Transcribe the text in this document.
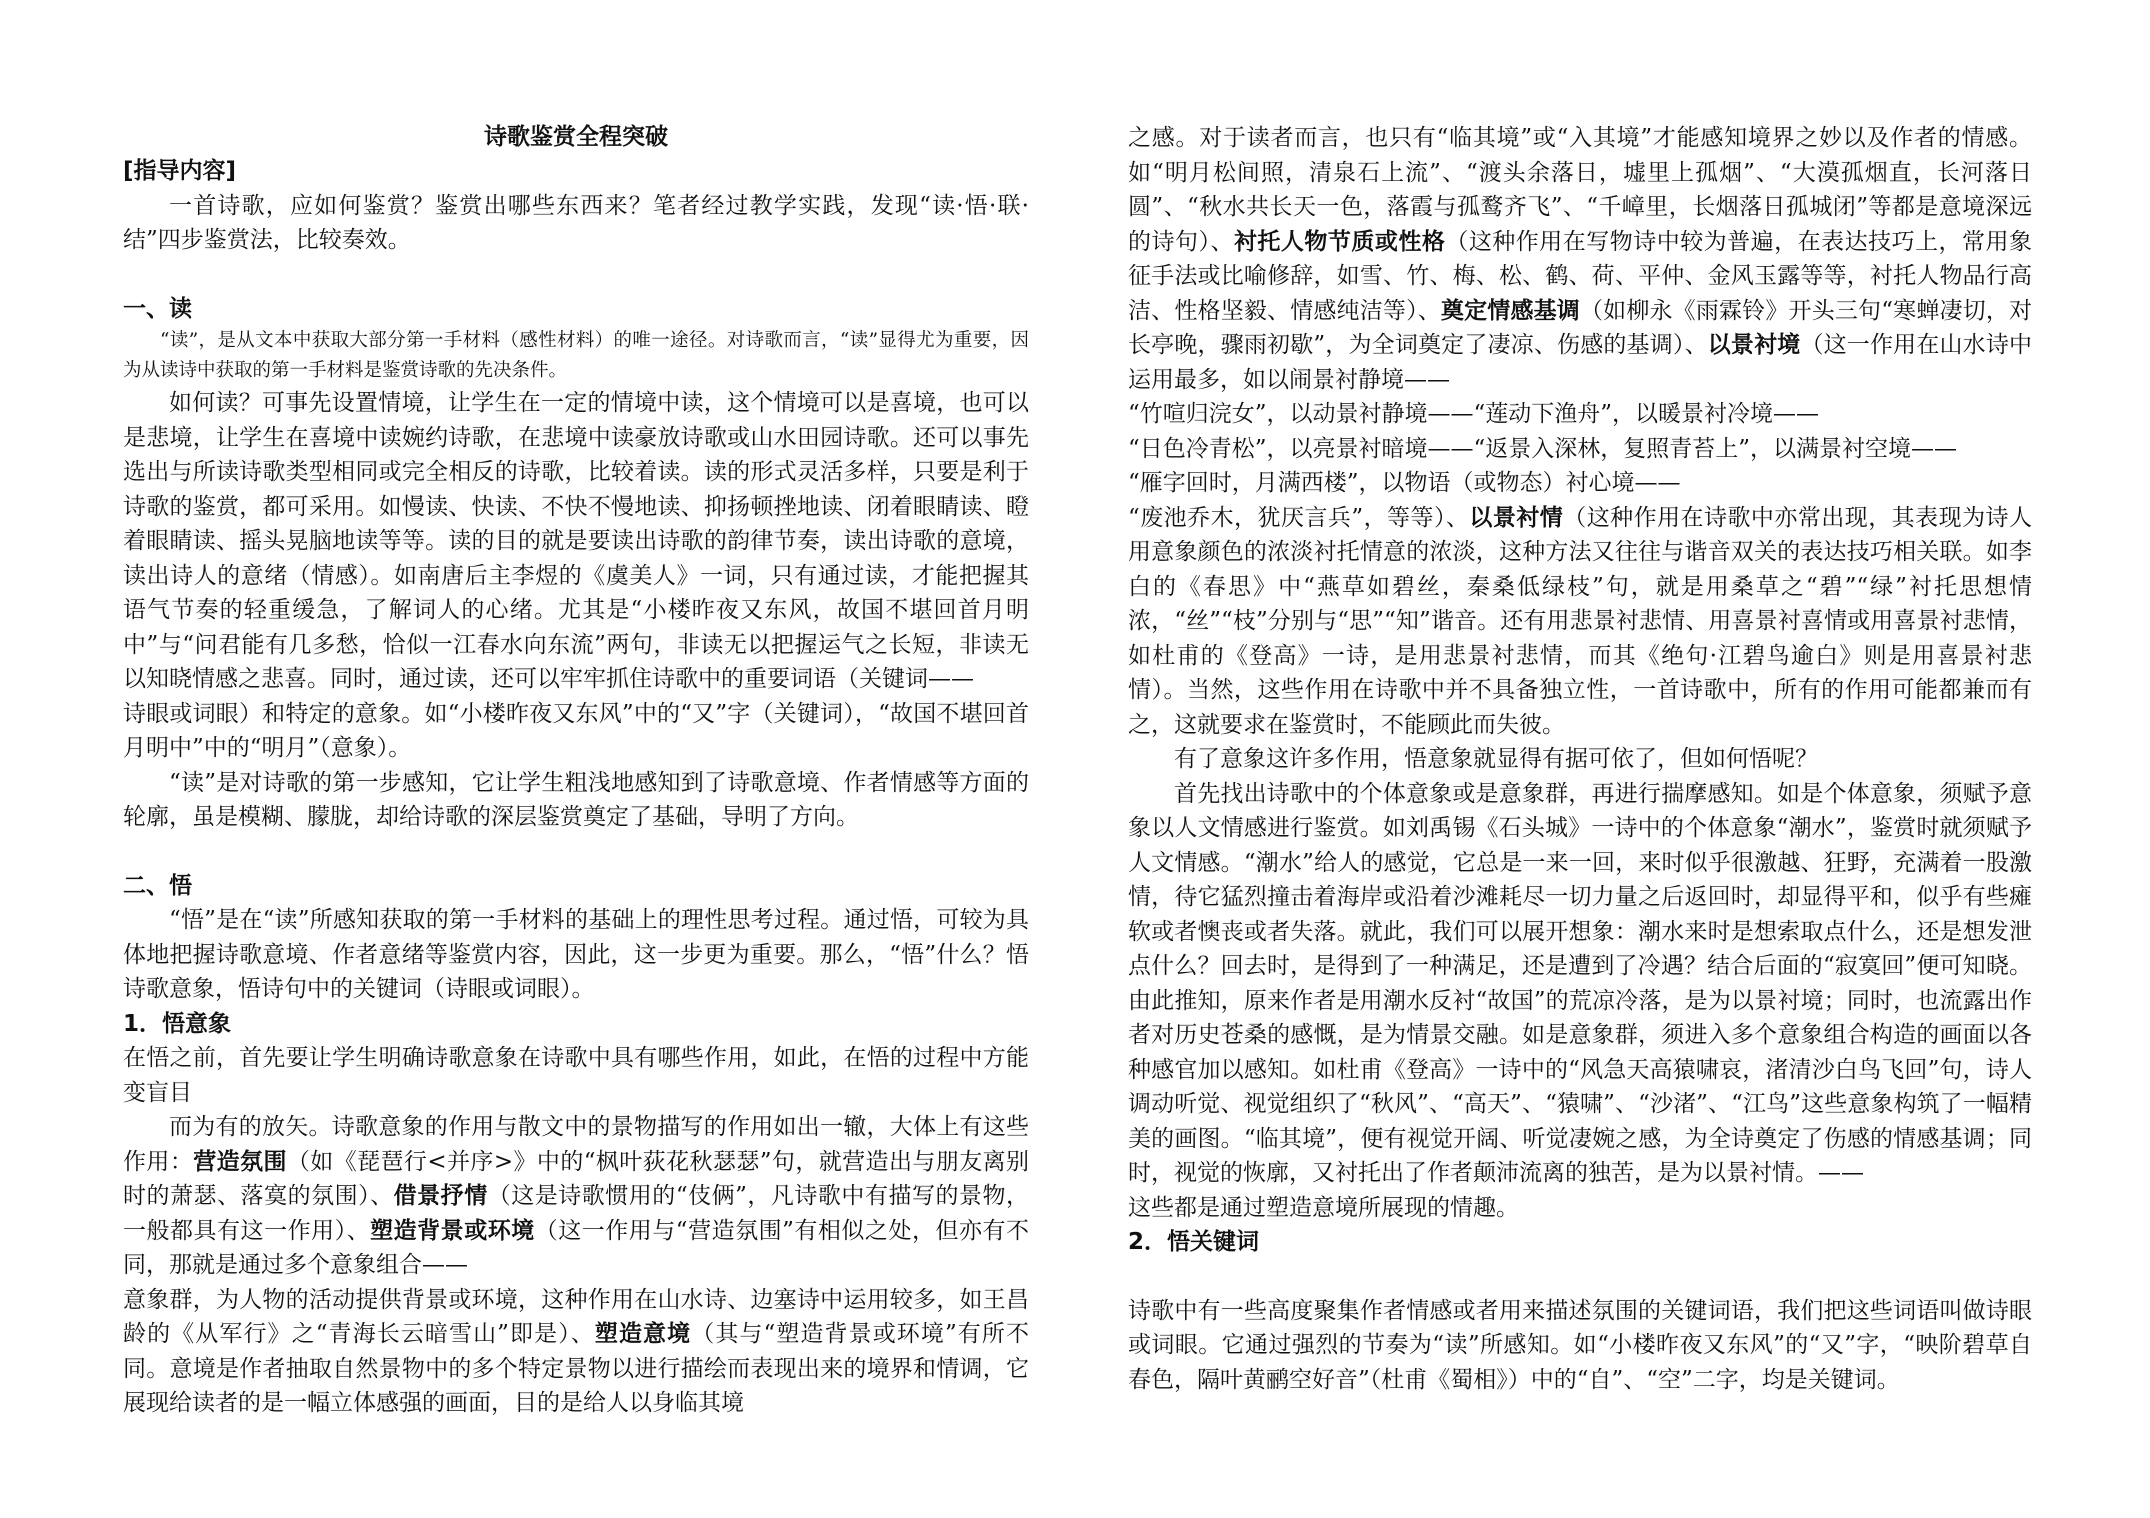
诗歌鉴赏全程突破

[指导内容]

一首诗歌，应如何鉴赏？鉴赏出哪些东西来？笔者经过教学实践，发现“读·悟·联·结”四步鉴赏法，比较奏效。

一、读

“读”，是从文本中获取大部分第一手材料（感性材料）的唯一途径。对诗歌而言，“读”显得尤为重要，因为从读诗中获取的第一手材料是鉴赏诗歌的先决条件。

如何读？可事先设置情境，让学生在一定的情境中读，这个情境可以是喜境，也可以是悲境，让学生在喜境中读婉约诗歌，在悲境中读豪放诗歌或山水田园诗歌。还可以事先选出与所读诗歌类型相同或完全相反的诗歌，比较着读。读的形式灵活多样，只要是利于诗歌的鉴赏，都可采用。如慢读、快读、不快不慢地读、抑扬顿挫地读、闭着眼睛读、瞪着眼睛读、摇头晃脑地读等等。读的目的就是要读出诗歌的韵律节奏，读出诗歌的意境，读出诗人的意绪（情感）。如南唐后主李煜的《虞美人》一词，只有通过读，才能把握其语气节奏的轻重缓急，了解词人的心绪。尤其是“小楼昨夜又东风，故国不堪回首月明中”与“问君能有几多愁，恰似一江春水向东流”两句，非读无以把握运气之长短，非读无以知晓情感之悲喜。同时，通过读，还可以牢牢抓住诗歌中的重要词语（关键词——

诗眼或词眼）和特定的意象。如“小楼昨夜又东风”中的“又”字（关键词），“故国不堪回首月明中”中的“明月”（意象）。

“读”是对诗歌的第一步感知，它让学生粗浅地感知到了诗歌意境、作者情感等方面的轮廓，虽是模糊、朦胧，却给诗歌的深层鉴赏奠定了基础，导明了方向。

二、悟

“悟”是在“读”所感知获取的第一手材料的基础上的理性思考过程。通过悟，可较为具体地把握诗歌意境、作者意绪等鉴赏内容，因此，这一步更为重要。那么，“悟”什么？悟诗歌意象，悟诗句中的关键词（诗眼或词眼）。

1．悟意象

在悟之前，首先要让学生明确诗歌意象在诗歌中具有哪些作用，如此，在悟的过程中方能变盲目

而为有的放矢。诗歌意象的作用与散文中的景物描写的作用如出一辙，大体上有这些作用：营造氛围（如《琵琶行<并序>》中的“枫叶荻花秋瑟瑟”句，就营造出与朋友离别时的萧瑟、落寞的氛围）、借景抒情（这是诗歌惯用的“伎俩”，凡诗歌中有描写的景物，一般都具有这一作用）、塑造背景或环境（这一作用与“营造氛围”有相似之处，但亦有不同，那就是通过多个意象组合——

意象群，为人物的活动提供背景或环境，这种作用在山水诗、边塞诗中运用较多，如王昌龄的《从军行》之“青海长云暗雪山”即是）、塑造意境（其与“塑造背景或环境”有所不同。意境是作者抽取自然景物中的多个特定景物以进行描绘而表现出来的境界和情调，它展现给读者的是一幅立体感强的画面，目的是给人以身临其境

之感。对于读者而言，也只有“临其境”或“入其境”才能感知境界之妙以及作者的情感。如“明月松间照，清泉石上流”、“渡头余落日，墟里上孤烟”、“大漠孤烟直，长河落日圆”、“秋水共长天一色，落霞与孤鹜齐飞”、“千嶂里，长烟落日孤城闭”等都是意境深远的诗句）、衬托人物节质或性格（这种作用在写物诗中较为普遍，在表达技巧上，常用象征手法或比喻修辞，如雪、竹、梅、松、鹤、荷、平仲、金风玉露等等，衬托人物品行高洁、性格坚毅、情感纯洁等）、奠定情感基调（如柳永《雨霖铃》开头三句“寒蝉凄切，对长亭晚，骤雨初歇”，为全词奠定了凄凉、伤感的基调）、以景衬境（这一作用在山水诗中运用最多，如以闹景衬静境——

“竹喧归浣女”，以动景衬静境——“莲动下渔舟”，以暖景衬冷境——

“日色冷青松”，以亮景衬暗境——“返景入深林，复照青苔上”，以满景衬空境——

“雁字回时，月满西楼”，以物语（或物态）衬心境——

“废池乔木，犹厌言兵”，等等）、以景衬情（这种作用在诗歌中亦常出现，其表现为诗人用意象颜色的浓淡衬托情意的浓淡，这种方法又往往与谐音双关的表达技巧相关联。如李白的《春思》中“燕草如碧丝，秦桑低绿枝”句，就是用桑草之“碧”“绿”衬托思想情浓，“丝”“枝”分别与“思”“知”谐音。还有用悲景衬悲情、用喜景衬喜情或用喜景衬悲情，如杜甫的《登高》一诗，是用悲景衬悲情，而其《绝句·江碧鸟逾白》则是用喜景衬悲情）。当然，这些作用在诗歌中并不具备独立性，一首诗歌中，所有的作用可能都兼而有之，这就要求在鉴赏时，不能顾此而失彼。

有了意象这许多作用，悟意象就显得有据可依了，但如何悟呢？

首先找出诗歌中的个体意象或是意象群，再进行揣摩感知。如是个体意象，须赋予意象以人文情感进行鉴赏。如刘禹锡《石头城》一诗中的个体意象“潮水”，鉴赏时就须赋予人文情感。“潮水”给人的感觉，它总是一来一回，来时似乎很激越、狂野，充满着一股激情，待它猛烈撞击着海岸或沿着沙滩耗尽一切力量之后返回时，却显得平和，似乎有些瘫软或者懊丧或者失落。就此，我们可以展开想象：潮水来时是想索取点什么，还是想发泄点什么？回去时，是得到了一种满足，还是遭到了冷遇？结合后面的“寂寞回”便可知晓。由此推知，原来作者是用潮水反衬“故国”的荒凉冷落，是为以景衬境；同时，也流露出作者对历史苍桑的感慨，是为情景交融。如是意象群，须进入多个意象组合构造的画面以各种感官加以感知。如杜甫《登高》一诗中的“风急天高猿啸哀，渚清沙白鸟飞回”句，诗人调动听觉、视觉组织了“秋风”、“高天”、“猿啸”、“沙渚”、“江鸟”这些意象构筑了一幅精美的画图。“临其境”，便有视觉开阔、听觉凄婉之感，为全诗奠定了伤感的情感基调；同时，视觉的恢廓，又衬托出了作者颠沛流离的独苦，是为以景衬情。——

这些都是通过塑造意境所展现的情趣。

2．悟关键词

诗歌中有一些高度聚集作者情感或者用来描述氛围的关键词语，我们把这些词语叫做诗眼或词眼。它通过强烈的节奏为“读”所感知。如“小楼昨夜又东风”的“又”字，“映阶碧草自春色，隔叶黄鹂空好音”（杜甫《蜀相》）中的“自”、“空”二字，均是关键词。
